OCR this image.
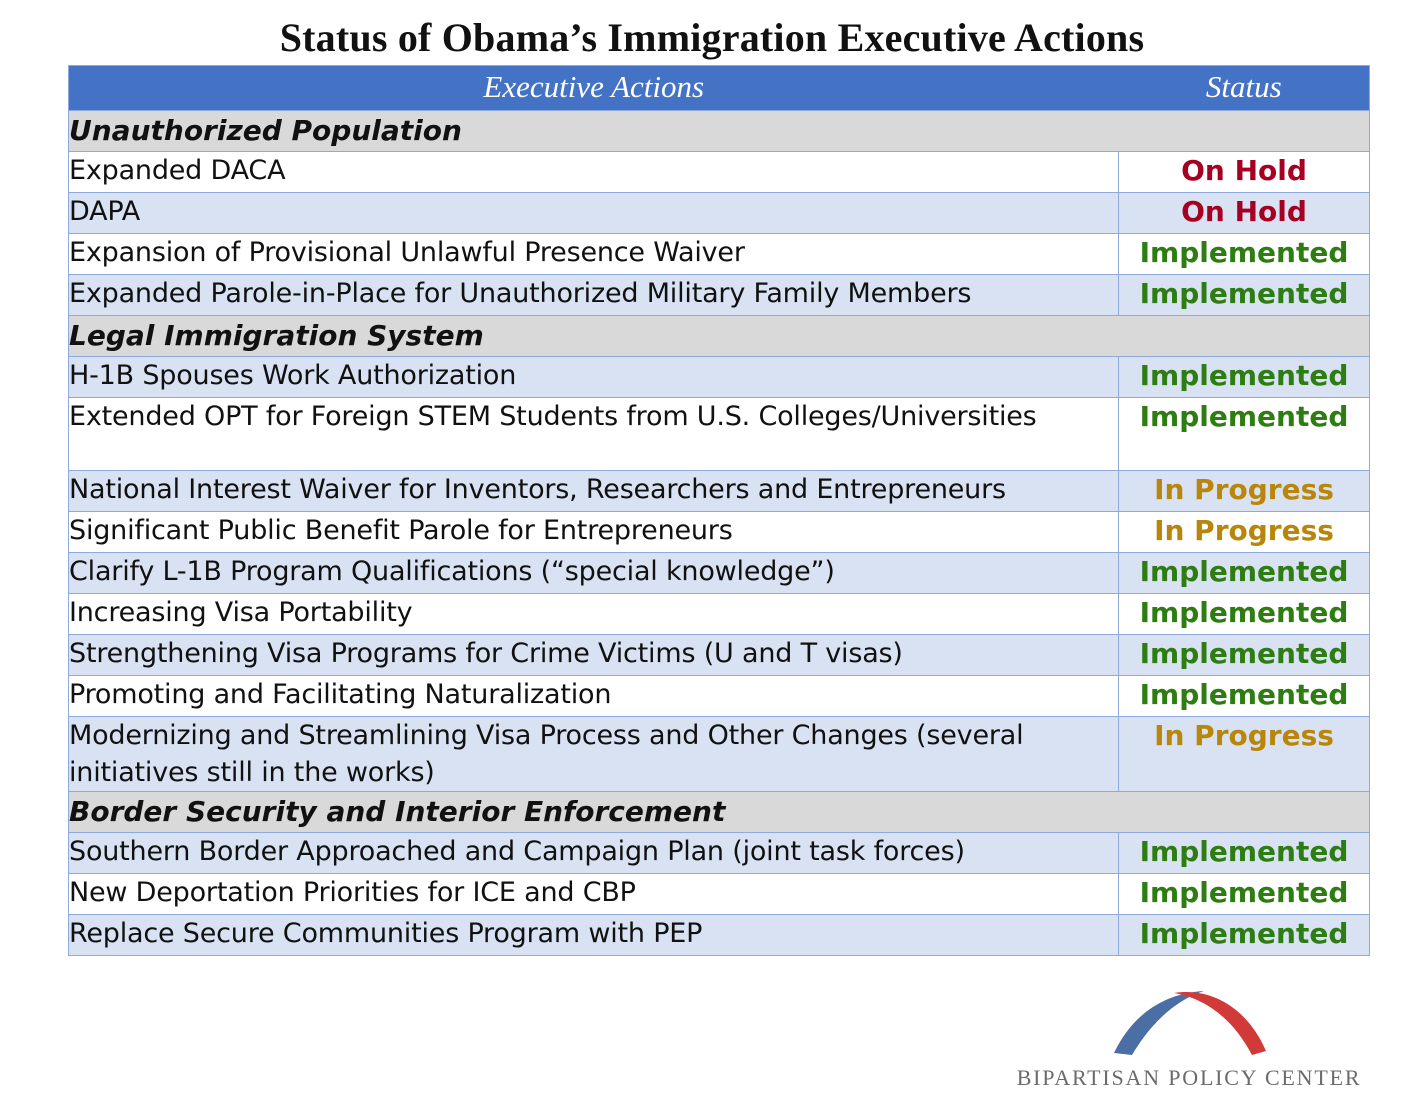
Status of Obama’s Immigration Executive Actions
Executive Actions	Status
Unauthorized Population	
Expanded DACA	On Hold
DAPA	On Hold
Expansion of Provisional Unlawful Presence Waiver	Implemented
Expanded Parole-in-Place for Unauthorized Military Family Members	Implemented
Legal Immigration System	
H-1B Spouses Work Authorization	Implemented
Extended OPT for Foreign STEM Students from U.S. Colleges/Universities	Implemented
National Interest Waiver for Inventors, Researchers and Entrepreneurs	In Progress
Significant Public Benefit Parole for Entrepreneurs	In Progress
Clarify L-1B Program Qualifications (“special knowledge”)	Implemented
Increasing Visa Portability	Implemented
Strengthening Visa Programs for Crime Victims (U and T visas)	Implemented
Promoting and Facilitating Naturalization	Implemented
Modernizing and Streamlining Visa Process and Other Changes (several initiatives still in the works)	In Progress
Border Security and Interior Enforcement	
Southern Border Approached and Campaign Plan (joint task forces)	Implemented
New Deportation Priorities for ICE and CBP	Implemented
Replace Secure Communities Program with PEP	Implemented
BIPARTISAN POLICY CENTER
